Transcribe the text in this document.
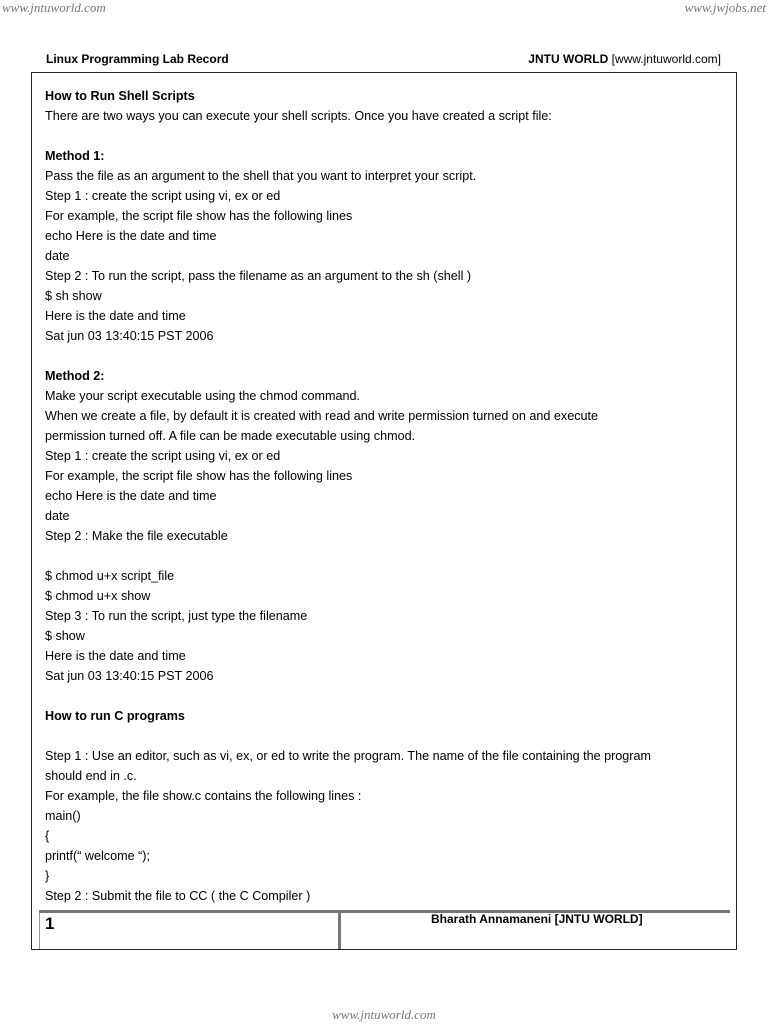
www.jntuworld.com	www.jwjobs.net
Linux Programming Lab Record	JNTU WORLD [www.jntuworld.com]
How to Run Shell Scripts
There are two ways you can execute your shell scripts. Once you have created a script file:
Method 1:
Pass the file as an argument to the shell that you want to interpret your script.
Step 1 : create the script using vi, ex or ed
For example, the script file show has the following lines
echo Here is the date and time
date
Step 2 : To run the script, pass the filename as an argument to the sh (shell )
$ sh show
Here is the date and time
Sat jun 03 13:40:15 PST 2006
Method 2:
Make your script executable using the chmod command.
When we create a file, by default it is created with read and write permission turned on and execute
permission turned off. A file can be made executable using chmod.
Step 1 : create the script using vi, ex or ed
For example, the script file show has the following lines
echo Here is the date and time
date
Step 2 : Make the file executable
$ chmod u+x script_file
$ chmod u+x show
Step 3 : To run the script, just type the filename
$ show
Here is the date and time
Sat jun 03 13:40:15 PST 2006
How to run C programs
Step 1 : Use an editor, such as vi, ex, or ed to write the program. The name of the file containing the program
should end in .c.
For example, the file show.c contains the following lines :
main()
{
printf(“ welcome “);
}
Step 2 : Submit the file to CC ( the C Compiler )
1	Bharath Annamaneni [JNTU WORLD]
www.jntuworld.com
